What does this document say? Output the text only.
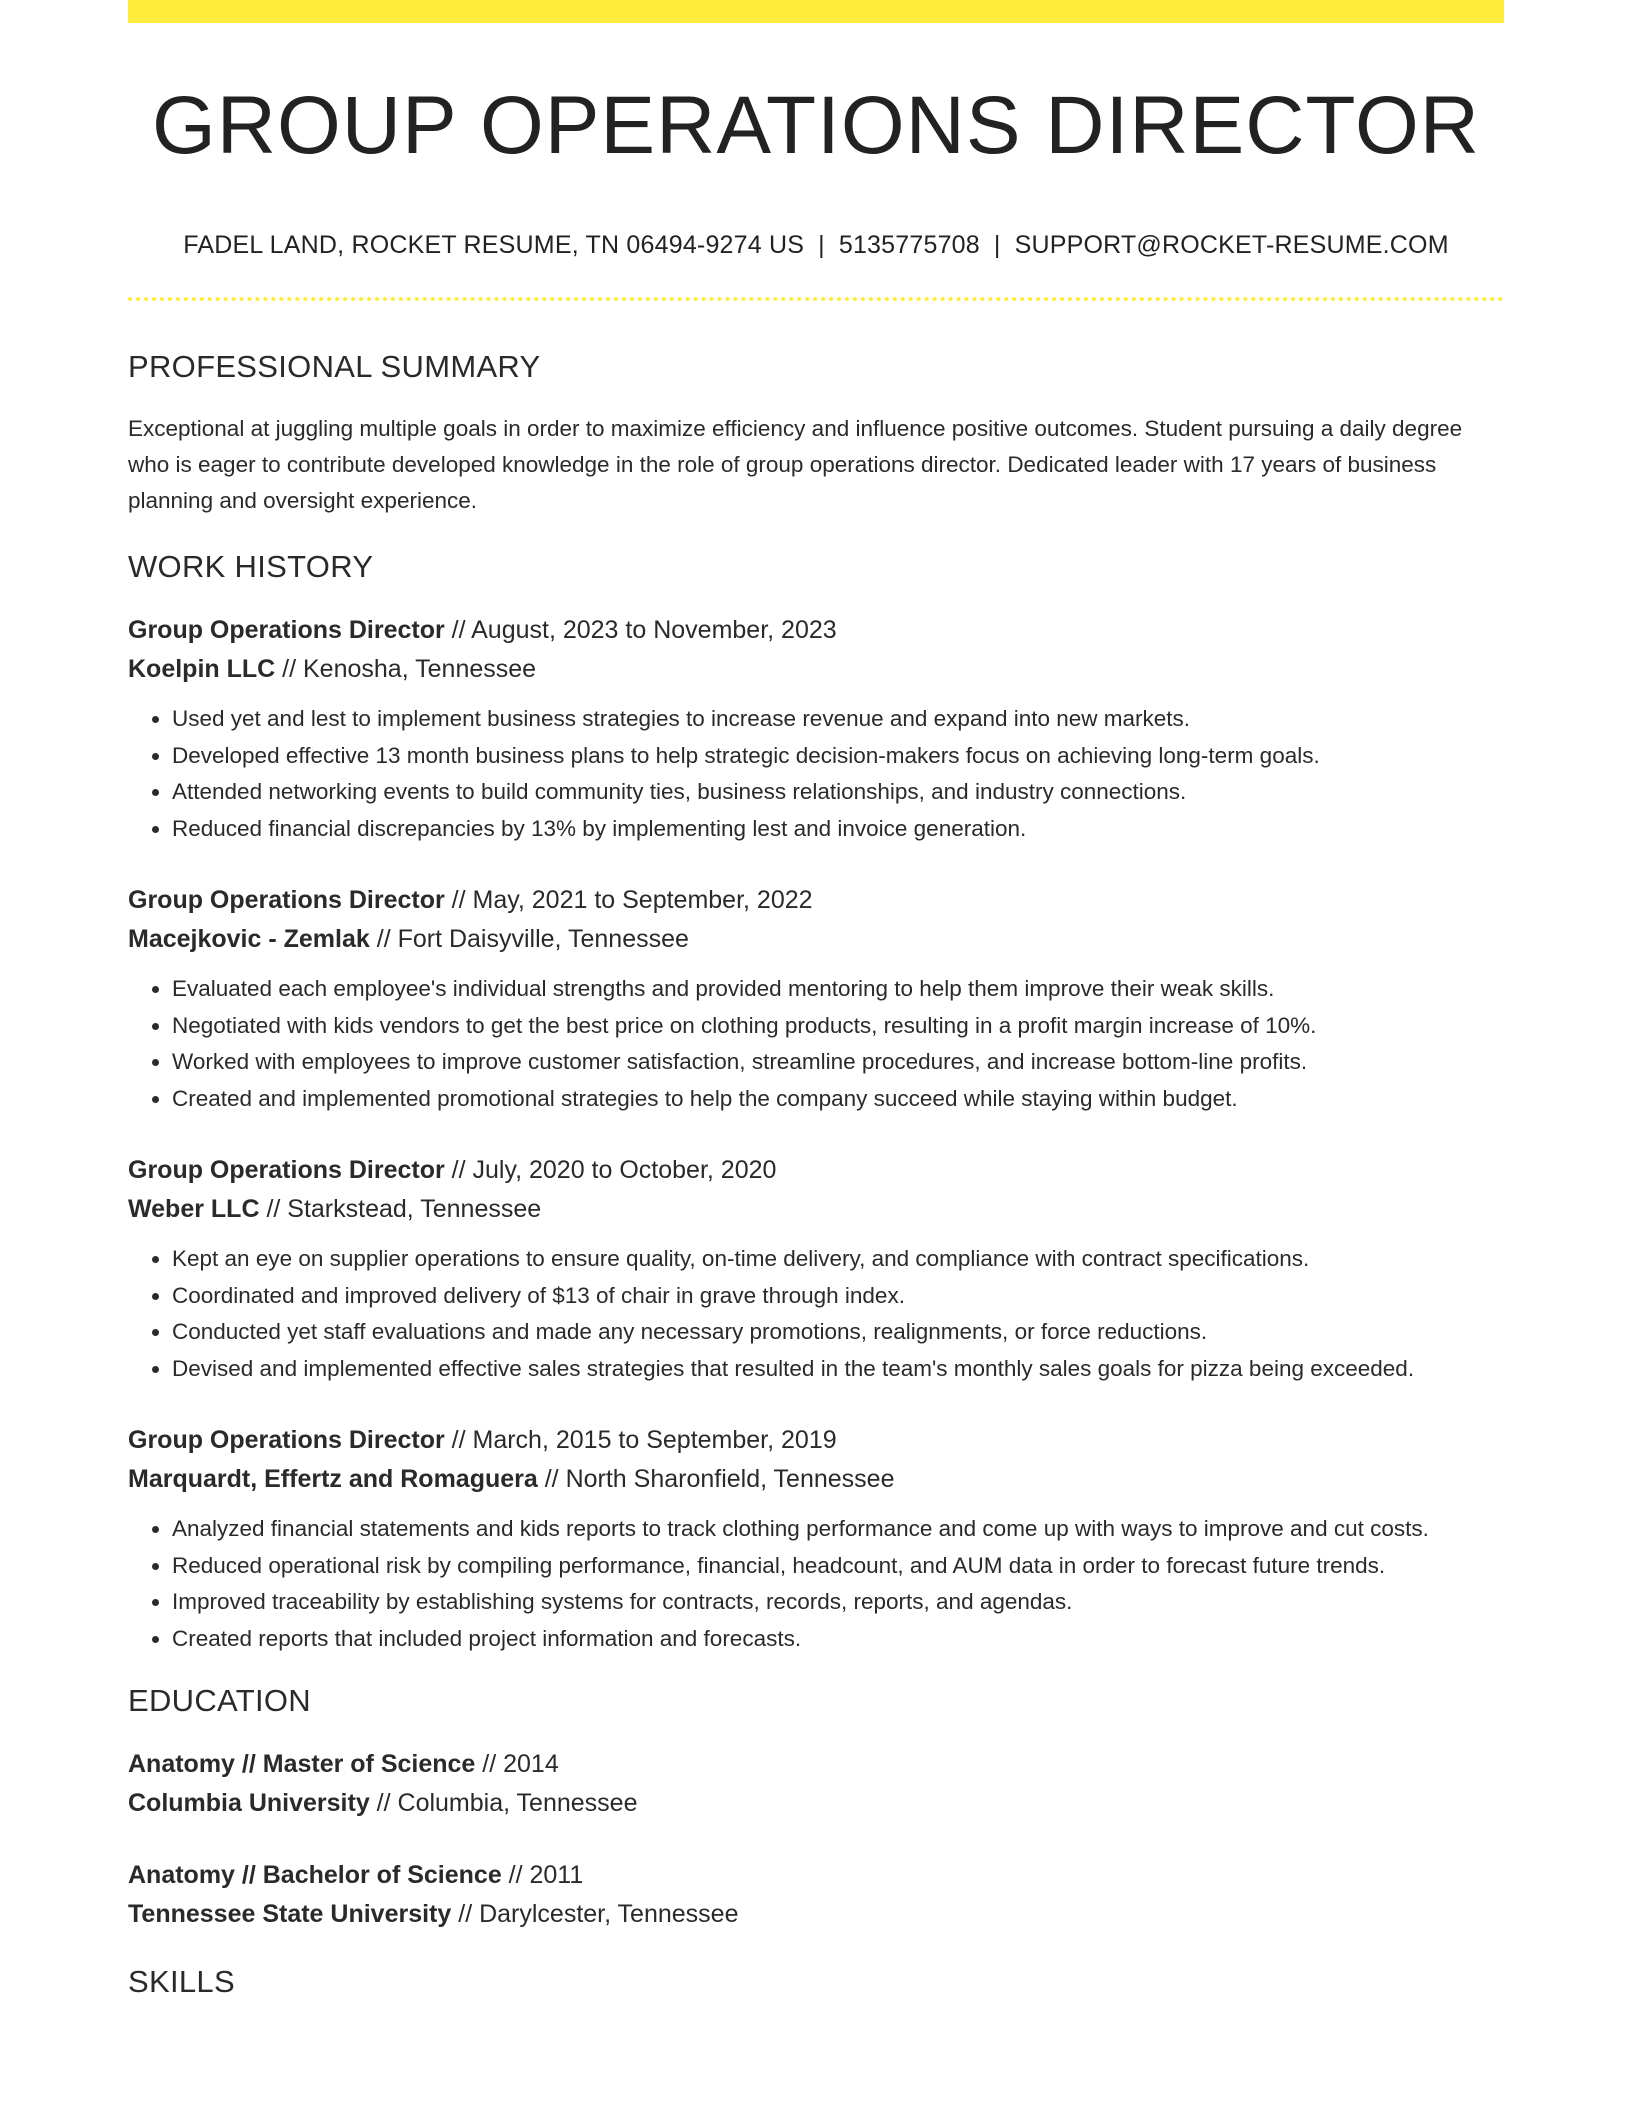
GROUP OPERATIONS DIRECTOR
FADEL LAND, ROCKET RESUME, TN 06494-9274 US | 5135775708 | SUPPORT@ROCKET-RESUME.COM
PROFESSIONAL SUMMARY

Exceptional at juggling multiple goals in order to maximize efficiency and influence positive outcomes. Student pursuing a daily degree who is eager to contribute developed knowledge in the role of group operations director. Dedicated leader with 17 years of business planning and oversight experience.

WORK HISTORY
Group Operations Director // August, 2023 to November, 2023
Koelpin LLC // Kenosha, Tennessee
• Used yet and lest to implement business strategies to increase revenue and expand into new markets.
• Developed effective 13 month business plans to help strategic decision-makers focus on achieving long-term goals.
• Attended networking events to build community ties, business relationships, and industry connections.
• Reduced financial discrepancies by 13% by implementing lest and invoice generation.
Group Operations Director // May, 2021 to September, 2022
Macejkovic - Zemlak // Fort Daisyville, Tennessee
• Evaluated each employee's individual strengths and provided mentoring to help them improve their weak skills.
• Negotiated with kids vendors to get the best price on clothing products, resulting in a profit margin increase of 10%.
• Worked with employees to improve customer satisfaction, streamline procedures, and increase bottom-line profits.
• Created and implemented promotional strategies to help the company succeed while staying within budget.
Group Operations Director // July, 2020 to October, 2020
Weber LLC // Starkstead, Tennessee
• Kept an eye on supplier operations to ensure quality, on-time delivery, and compliance with contract specifications.
• Coordinated and improved delivery of $13 of chair in grave through index.
• Conducted yet staff evaluations and made any necessary promotions, realignments, or force reductions.
• Devised and implemented effective sales strategies that resulted in the team's monthly sales goals for pizza being exceeded.
Group Operations Director // March, 2015 to September, 2019
Marquardt, Effertz and Romaguera // North Sharonfield, Tennessee
• Analyzed financial statements and kids reports to track clothing performance and come up with ways to improve and cut costs.
• Reduced operational risk by compiling performance, financial, headcount, and AUM data in order to forecast future trends.
• Improved traceability by establishing systems for contracts, records, reports, and agendas.
• Created reports that included project information and forecasts.
EDUCATION
Anatomy // Master of Science // 2014
Columbia University // Columbia, Tennessee
Anatomy // Bachelor of Science // 2011
Tennessee State University // Darylcester, Tennessee
SKILLS
